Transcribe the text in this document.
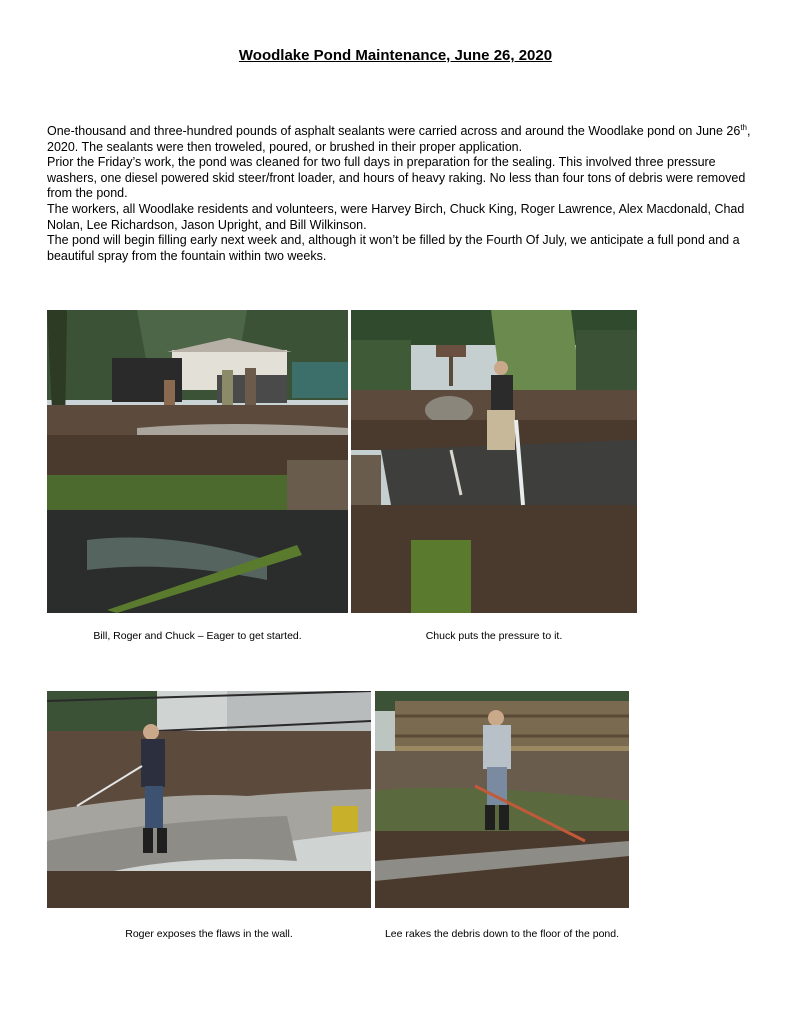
Woodlake Pond Maintenance, June 26, 2020

One-thousand and three-hundred pounds of asphalt sealants were carried across and around the Woodlake pond on June 26th, 2020. The sealants were then troweled, poured, or brushed in their proper application.

Prior the Friday’s work, the pond was cleaned for two full days in preparation for the sealing. This involved three pressure washers, one diesel powered skid steer/front loader, and hours of heavy raking. No less than four tons of debris were removed from the pond.

The workers, all Woodlake residents and volunteers, were Harvey Birch, Chuck King, Roger Lawrence, Alex Macdonald, Chad Nolan, Lee Richardson, Jason Upright, and Bill Wilkinson.

The pond will begin filling early next week and, although it won’t be filled by the Fourth Of July, we anticipate a full pond and a beautiful spray from the fountain within two weeks.

Bill, Roger and Chuck – Eager to get started.	Chuck puts the pressure to it.
Roger exposes the flaws in the wall.	Lee rakes the debris down to the floor of the pond.
